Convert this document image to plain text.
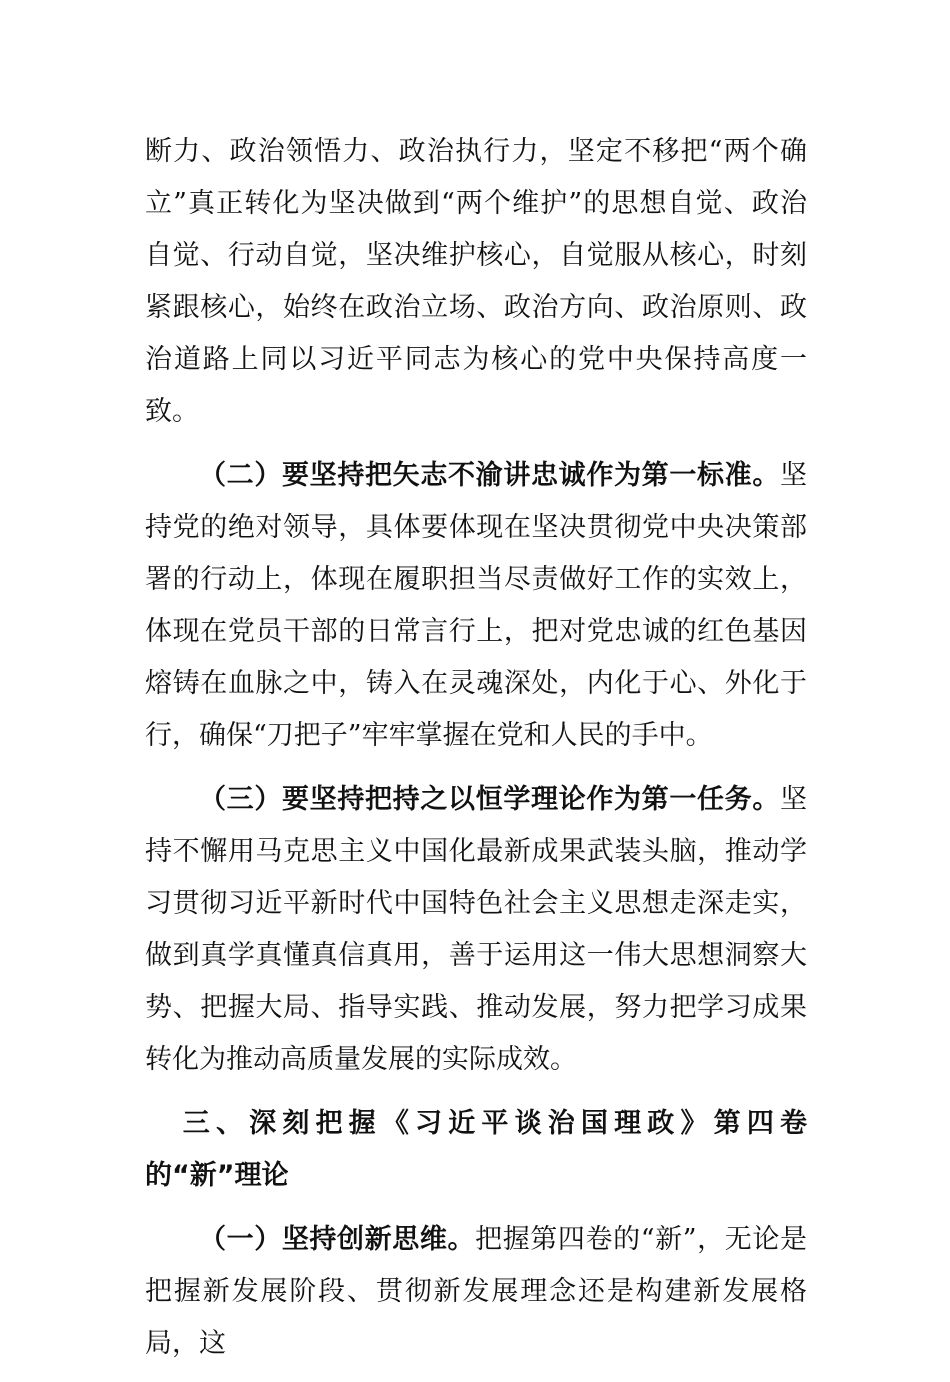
断力、政治领悟力、政治执行力，坚定不移把“两个确立”真正转化为坚决做到“两个维护”的思想自觉、政治自觉、行动自觉，坚决维护核心，自觉服从核心，时刻紧跟核心，始终在政治立场、政治方向、政治原则、政治道路上同以习近平同志为核心的党中央保持高度一致。

（二）要坚持把矢志不渝讲忠诚作为第一标准。坚持党的绝对领导，具体要体现在坚决贯彻党中央决策部署的行动上，体现在履职担当尽责做好工作的实效上，体现在党员干部的日常言行上，把对党忠诚的红色基因熔铸在血脉之中，铸入在灵魂深处，内化于心、外化于行，确保“刀把子”牢牢掌握在党和人民的手中。

（三）要坚持把持之以恒学理论作为第一任务。坚持不懈用马克思主义中国化最新成果武装头脑，推动学习贯彻习近平新时代中国特色社会主义思想走深走实，做到真学真懂真信真用，善于运用这一伟大思想洞察大势、把握大局、指导实践、推动发展，努力把学习成果转化为推动高质量发展的实际成效。

三、深刻把握《习近平谈治国理政》第四卷的“新”理论

（一）坚持创新思维。把握第四卷的“新”，无论是把握新发展阶段、贯彻新发展理念还是构建新发展格局，这
